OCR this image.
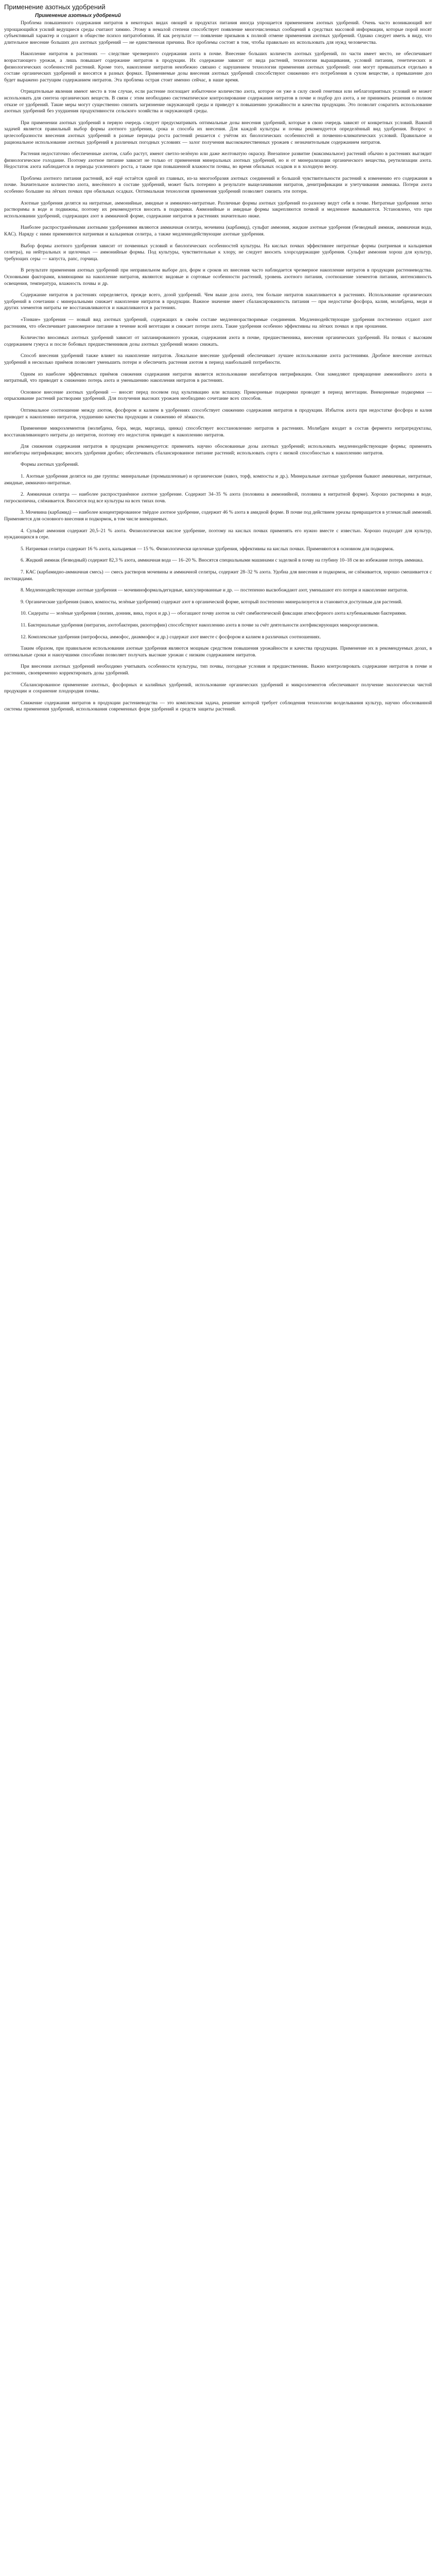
Применение азотных удобрений
Применение азотных удобрений

Проблема повышенного содержания нитратов в некоторых видах овощей и продуктах питания иногда упрощается применением азотных удобрений. Очень часто возникающий вот упрощающийся усилий ведущиеся среды считают химию. Этому в немалой степени способствует появление многочисленных сообщений в средствах массовой информации, которые порой носят субъективный характер и создают в обществе психоз нитратобоязни. И как результат — появление призывов к полной отмене применения азотных удобрений. Однако следует иметь в виду, что длительное внесение больших доз азотных удобрений — не единственная причина. Все проблемы состоят в том, чтобы правильно их использовать для нужд человечества.

Накопление нитратов в растениях — следствие чрезмерного содержания азота в почве. Внесение больших количеств азотных удобрений, по части имеет место, не обеспечивает возрастающего урожая, а лишь повышает содержание нитратов в продукции. Их содержание зависит от вида растений, технологии выращивания, условий питания, генетических и физиологических особенностей растений. Кроме того, накопление нитратов неизбежно связано с нарушением технологии применения азотных удобрений: они могут превышаться отдельно в составе органических удобрений и вносятся в разных формах. Применяемые дозы внесения азотных удобрений способствуют снижению его потребления в сухом веществе, а превышение доз будет выражено растущим содержанием нитратов. Эта проблема острая стоит именно сейчас, в наше время.

Отрицательные явления имеют место в том случае, если растение поглощает избыточное количество азота, которое он уже в силу своей генетики или неблагоприятных условий не может использовать для синтеза органических веществ. В связи с этим необходимо систематическое контролирование содержания нитратов в почве и подбор доз азота, а не принимать решения о полном отказе от удобрений. Такие меры могут существенно снизить загрязнение окружающей среды и приведут к повышению урожайности и качества продукции. Это позволит сократить использование азотных удобрений без ухудшения продуктивности сельского хозяйства и окружающей среды.

При применении азотных удобрений в первую очередь следует предусматривать оптимальные дозы внесения удобрений, которые в свою очередь зависят от конкретных условий. Важной задачей является правильный выбор формы азотного удобрения, срока и способа их внесения. Для каждой культуры и почвы рекомендуется определённый вид удобрения. Вопрос о целесообразности внесения азотных удобрений в разные периоды роста растений решается с учётом их биологических особенностей и почвенно-климатических условий. Правильное и рациональное использование азотных удобрений в различных погодных условиях — залог получения высококачественных урожаев с незначительным содержанием нитратов.

Растения недостаточно обеспеченные азотом, слабо растут, имеют светло-зелёную или даже желтоватую окраску. Внезапное развитие (максимальное) растений обычно в растениях выглядит физиологическое голодание. Поэтому азотное питание зависит не только от применения минеральных азотных удобрений, но и от минерализации органического вещества, реутилизации азота. Недостаток азота наблюдается в периоды усиленного роста, а также при повышенной влажности почвы, во время обильных осадков и в холодную весну.

Проблема азотного питания растений, всё ещё остаётся одной из главных, из-за многообразия азотных соединений и большой чувствительности растений к изменению его содержания в почве. Значительное количество азота, внесённого в составе удобрений, может быть потеряно в результате выщелачивания нитратов, денитрификации и улетучивания аммиака. Потери азота особенно большие на лёгких почвах при обильных осадках. Оптимальная технология применения удобрений позволяет снизить эти потери.

Азотные удобрения делятся на нитратные, аммонийные, амидные и аммиачно-нитратные. Различные формы азотных удобрений по-разному ведут себя в почве. Нитратные удобрения легко растворимы в воде и подвижны, поэтому их рекомендуется вносить в подкормки. Аммонийные и амидные формы закрепляются почвой и медленнее вымываются. Установлено, что при использовании удобрений, содержащих азот в аммиачной форме, содержание нитратов в растениях значительно ниже.

Наиболее распространёнными азотными удобрениями являются аммиачная селитра, мочевина (карбамид), сульфат аммония, жидкие азотные удобрения (безводный аммиак, аммиачная вода, КАС). Наряду с ними применяются натриевая и кальциевая селитра, а также медленнодействующие азотные удобрения.

Выбор формы азотного удобрения зависит от почвенных условий и биологических особенностей культуры. На кислых почвах эффективнее нитратные формы (натриевая и кальциевая селитра), на нейтральных и щелочных — аммонийные формы. Под культуры, чувствительные к хлору, не следует вносить хлорсодержащие удобрения. Сульфат аммония хорош для культур, требующих серы — капуста, рапс, горчица.

В результате применения азотных удобрений при неправильном выборе доз, форм и сроков их внесения часто наблюдается чрезмерное накопление нитратов в продукции растениеводства. Основными факторами, влияющими на накопление нитратов, являются: видовые и сортовые особенности растений, уровень азотного питания, соотношение элементов питания, интенсивность освещения, температура, влажность почвы и др.

Содержание нитратов в растениях определяется, прежде всего, дозой удобрений. Чем выше доза азота, тем больше нитратов накапливается в растениях. Использование органических удобрений в сочетании с минеральными снижает накопление нитратов в продукции. Важное значение имеет сбалансированность питания — при недостатке фосфора, калия, молибдена, меди и других элементов нитраты не восстанавливаются и накапливаются в растениях.

«Тонкие» удобрения — новый вид азотных удобрений, содержащих в своём составе медленнорастворимые соединения. Медленнодействующие удобрения постепенно отдают азот растениям, что обеспечивает равномерное питание в течение всей вегетации и снижает потери азота. Такие удобрения особенно эффективны на лёгких почвах и при орошении.

Количество вносимых азотных удобрений зависит от запланированного урожая, содержания азота в почве, предшественника, внесения органических удобрений. На почвах с высоким содержанием гумуса и после бобовых предшественников дозы азотных удобрений можно снижать.

Способ внесения удобрений также влияет на накопление нитратов. Локальное внесение удобрений обеспечивает лучшее использование азота растениями. Дробное внесение азотных удобрений в несколько приёмов позволяет уменьшить потери и обеспечить растения азотом в период наибольшей потребности.

Одним из наиболее эффективных приёмов снижения содержания нитратов является использование ингибиторов нитрификации. Они замедляют превращение аммонийного азота в нитратный, что приводит к снижению потерь азота и уменьшению накопления нитратов в растениях.

Основное внесение азотных удобрений — вносят перед посевом под культивацию или вспашку. Прикорневые подкормки проводят в период вегетации. Внекорневые подкормки — опрыскивание растений растворами удобрений. Для получения высоких урожаев необходимо сочетание всех способов.

Оптимальное соотношение между азотом, фосфором и калием в удобрениях способствует снижению содержания нитратов в продукции. Избыток азота при недостатке фосфора и калия приводит к накоплению нитратов, ухудшению качества продукции и снижению её лёжкости.

Применение микроэлементов (молибдена, бора, меди, марганца, цинка) способствует восстановлению нитратов в растениях. Молибден входит в состав фермента нитратредуктазы, восстанавливающего нитраты до нитритов, поэтому его недостаток приводит к накоплению нитратов.

Для снижения содержания нитратов в продукции рекомендуется: применять научно обоснованные дозы азотных удобрений; использовать медленнодействующие формы; применять ингибиторы нитрификации; вносить удобрения дробно; обеспечивать сбалансированное питание растений; использовать сорта с низкой способностью к накоплению нитратов.

Формы азотных удобрений.

1. Азотные удобрения делятся на две группы: минеральные (промышленные) и органические (навоз, торф, компосты и др.). Минеральные азотные удобрения бывают аммиачные, нитратные, амидные, аммиачно-нитратные.

2. Аммиачная селитра — наиболее распространённое азотное удобрение. Содержит 34–35 % азота (половина в аммонийной, половина в нитратной форме). Хорошо растворима в воде, гигроскопична, слёживается. Вносится под все культуры на всех типах почв.

3. Мочевина (карбамид) — наиболее концентрированное твёрдое азотное удобрение, содержит 46 % азота в амидной форме. В почве под действием уреазы превращается в углекислый аммоний. Применяется для основного внесения и подкормок, в том числе внекорневых.

4. Сульфат аммония содержит 20,5–21 % азота. Физиологически кислое удобрение, поэтому на кислых почвах применять его нужно вместе с известью. Хорошо подходит для культур, нуждающихся в сере.

5. Натриевая селитра содержит 16 % азота, кальциевая — 15 %. Физиологически щелочные удобрения, эффективны на кислых почвах. Применяются в основном для подкормок.

6. Жидкий аммиак (безводный) содержит 82,3 % азота, аммиачная вода — 16–20 %. Вносятся специальными машинами с заделкой в почву на глубину 10–18 см во избежание потерь аммиака.

7. КАС (карбамидно-аммиачная смесь) — смесь растворов мочевины и аммиачной селитры, содержит 28–32 % азота. Удобна для внесения и подкормок, не слёживается, хорошо смешивается с пестицидами.

8. Медленнодействующие азотные удобрения — мочевиноформальдегидные, капсулированные и др. — постепенно высвобождают азот, уменьшают его потери и накопление нитратов.

9. Органические удобрения (навоз, компосты, зелёные удобрения) содержат азот в органической форме, который постепенно минерализуется и становится доступным для растений.

10. Сидераты — зелёные удобрения (люпин, донник, вика, горох и др.) — обогащают почву азотом за счёт симбиотической фиксации атмосферного азота клубеньковыми бактериями.

11. Бактериальные удобрения (нитрагин, азотобактерин, ризоторфин) способствуют накоплению азота в почве за счёт деятельности азотфиксирующих микроорганизмов.

12. Комплексные удобрения (нитрофоска, аммофос, диаммофос и др.) содержат азот вместе с фосфором и калием в различных соотношениях.

Таким образом, при правильном использовании азотные удобрения являются мощным средством повышения урожайности и качества продукции. Применение их в рекомендуемых дозах, в оптимальные сроки и наилучшими способами позволяет получать высокие урожаи с низким содержанием нитратов.

При внесении азотных удобрений необходимо учитывать особенности культуры, тип почвы, погодные условия и предшественник. Важно контролировать содержание нитратов в почве и растениях, своевременно корректировать дозы удобрений.

Сбалансированное применение азотных, фосфорных и калийных удобрений, использование органических удобрений и микроэлементов обеспечивают получение экологически чистой продукции и сохранение плодородия почвы.

Снижение содержания нитратов в продукции растениеводства — это комплексная задача, решение которой требует соблюдения технологии возделывания культур, научно обоснованной системы применения удобрений, использования современных форм удобрений и средств защиты растений.
